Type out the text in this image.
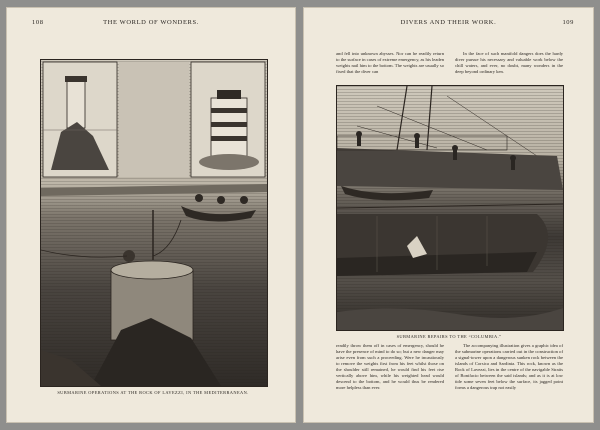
108	THE WORLD OF WONDERS.
SUBMARINE OPERATIONS AT THE ROCK OF LAVEZZI, IN THE MEDITERRANEAN.
DIVERS AND THEIR WORK.	109

and fell into unknown abysses. Nor can he readily return to the surface in cases of extreme emergency, as his leaden weights nail him to the bottom. The weights are usually so fixed that the diver can

In the face of such manifold dangers does the hardy diver pursue his necessary and valuable work below the chill waters, and ever, no doubt, many wonders in the deep beyond ordinary ken.

SUBMARINE REPAIRS TO THE “COLUMBIA.”

readily throw them off in cases of emergency, should he have the presence of mind to do so; but a new danger may arise even from such a proceeding. Were he incautiously to remove the weights first from his feet whilst those on the shoulder still remained, he would find his feet rise vertically above him, while his weighted head would descend to the bottom, and he would thus be rendered more helpless than ever.

The accompanying illustration gives a graphic idea of the submarine operations carried out in the construction of a signal-tower upon a dangerous sunken rock between the islands of Corsica and Sardinia. This rock, known as the Rock of Lavezzi, lies in the centre of the navigable Straits of Bonifacio between the said islands; and as it is at low tide some seven feet below the surface, its jagged point forms a dangerous trap not easily
